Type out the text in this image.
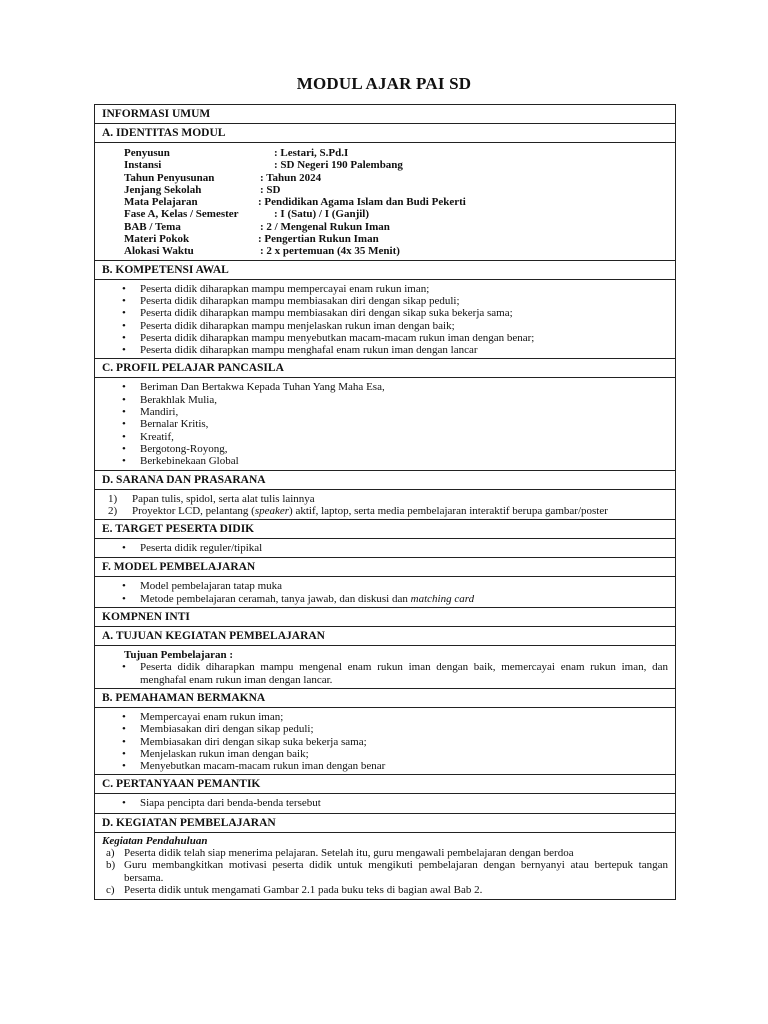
MODUL AJAR PAI SD
INFORMASI UMUM
A. IDENTITAS MODUL

Penyusun	: Lestari, S.Pd.I
Instansi	: SD Negeri 190 Palembang
Tahun Penyusunan	: Tahun 2024
Jenjang Sekolah	: SD
Mata Pelajaran	: Pendidikan Agama Islam dan Budi Pekerti
Fase A, Kelas / Semester	: I (Satu) / I (Ganjil)
BAB / Tema	: 2 / Mengenal Rukun Iman
Materi Pokok	: Pengertian Rukun Iman
Alokasi Waktu	: 2 x pertemuan (4x 35 Menit)

B. KOMPETENSI AWAL

• Peserta didik diharapkan mampu mempercayai enam rukun iman;
• Peserta didik diharapkan mampu membiasakan diri dengan sikap peduli;
• Peserta didik diharapkan mampu membiasakan diri dengan sikap suka bekerja sama;
• Peserta didik diharapkan mampu menjelaskan rukun iman dengan baik;
• Peserta didik diharapkan mampu menyebutkan macam-macam rukun iman dengan benar;
• Peserta didik diharapkan mampu menghafal enam rukun iman dengan lancar

C. PROFIL PELAJAR PANCASILA

• Beriman Dan Bertakwa Kepada Tuhan Yang Maha Esa,
• Berakhlak Mulia,
• Mandiri,
• Bernalar Kritis,
• Kreatif,
• Bergotong-Royong,
• Berkebinekaan Global

D. SARANA DAN PRASARANA

1) Papan tulis, spidol, serta alat tulis lainnya
2) Proyektor LCD, pelantang (speaker) aktif, laptop, serta media pembelajaran interaktif berupa gambar/poster

E. TARGET PESERTA DIDIK

• Peserta didik reguler/tipikal

F. MODEL PEMBELAJARAN

• Model pembelajaran tatap muka
• Metode pembelajaran ceramah, tanya jawab, dan diskusi dan matching card

KOMPNEN INTI
A. TUJUAN KEGIATAN PEMBELAJARAN

Tujuan Pembelajaran :
• Peserta didik diharapkan mampu mengenal enam rukun iman dengan baik, memercayai enam rukun iman, dan menghafal enam rukun iman dengan lancar.

B. PEMAHAMAN BERMAKNA

• Mempercayai enam rukun iman;
• Membiasakan diri dengan sikap peduli;
• Membiasakan diri dengan sikap suka bekerja sama;
• Menjelaskan rukun iman dengan baik;
• Menyebutkan macam-macam rukun iman dengan benar

C. PERTANYAAN PEMANTIK

• Siapa pencipta dari benda-benda tersebut

D. KEGIATAN PEMBELAJARAN

Kegiatan Pendahuluan
a) Peserta didik telah siap menerima pelajaran. Setelah itu, guru mengawali pembelajaran dengan berdoa
b) Guru membangkitkan motivasi peserta didik untuk mengikuti pembelajaran dengan bernyanyi atau bertepuk tangan bersama.
c) Peserta didik untuk mengamati Gambar 2.1 pada buku teks di bagian awal Bab 2.
